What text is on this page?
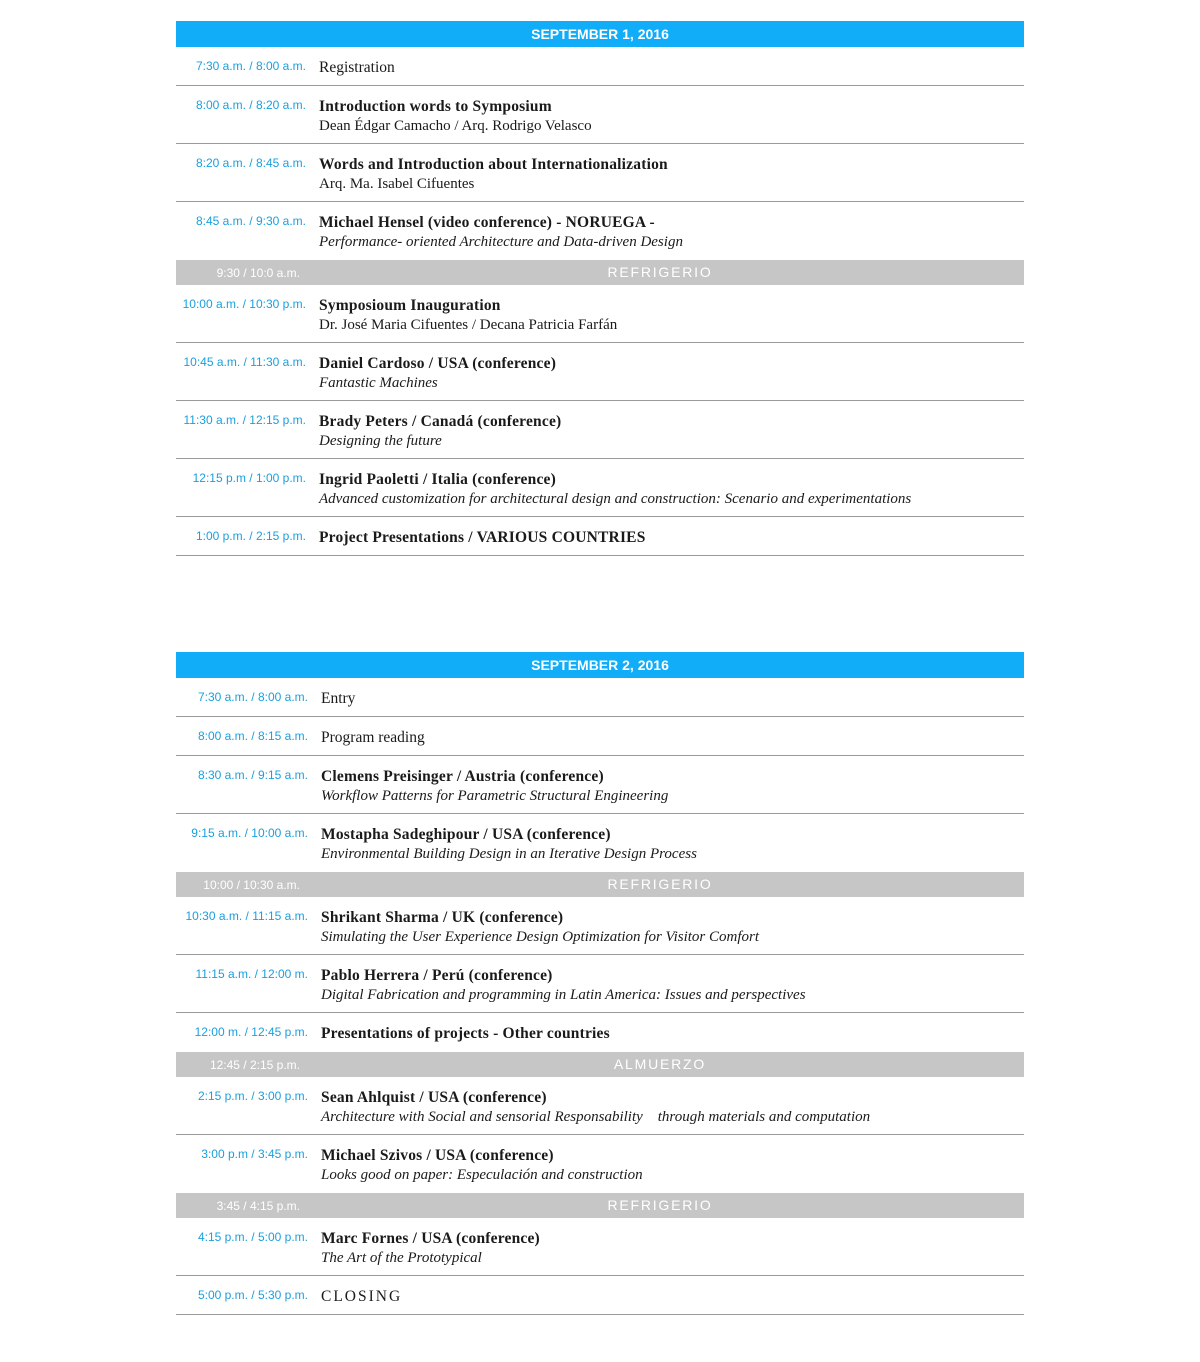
SEPTEMBER 1, 2016
7:30 a.m. / 8:00 a.m. Registration
8:00 a.m. / 8:20 a.m. Introduction words to Symposium
Dean Édgar Camacho / Arq. Rodrigo Velasco
8:20 a.m. / 8:45 a.m. Words and Introduction about Internationalization
Arq. Ma. Isabel Cifuentes
8:45 a.m. / 9:30 a.m. Michael Hensel (video conference) - NORUEGA -
Performance- oriented Architecture and Data-driven Design
9:30 / 10:0 a.m.	REFRIGERIO
10:00 a.m. / 10:30 p.m. Symposioum Inauguration
Dr. José Maria Cifuentes / Decana Patricia Farfán
10:45 a.m. / 11:30 a.m. Daniel Cardoso / USA (conference)
Fantastic Machines
11:30 a.m. / 12:15 p.m. Brady Peters / Canadá (conference)
Designing the future
12:15 p.m / 1:00 p.m. Ingrid Paoletti / Italia (conference)
Advanced customization for architectural design and construction: Scenario and experimentations
1:00 p.m. / 2:15 p.m. Project Presentations / VARIOUS COUNTRIES
SEPTEMBER 2, 2016
7:30 a.m. / 8:00 a.m. Entry
8:00 a.m. / 8:15 a.m. Program reading
8:30 a.m. / 9:15 a.m. Clemens Preisinger / Austria (conference)
Workflow Patterns for Parametric Structural Engineering
9:15 a.m. / 10:00 a.m. Mostapha Sadeghipour / USA (conference)
Environmental Building Design in an Iterative Design Process
10:00 / 10:30 a.m.	REFRIGERIO
10:30 a.m. / 11:15 a.m. Shrikant Sharma / UK (conference)
Simulating the User Experience Design Optimization for Visitor Comfort
11:15 a.m. / 12:00 m. Pablo Herrera / Perú (conference)
Digital Fabrication and programming in Latin America: Issues and perspectives
12:00 m. / 12:45 p.m. Presentations of projects - Other countries
12:45 / 2:15 p.m.	ALMUERZO
2:15 p.m. / 3:00 p.m. Sean Ahlquist / USA (conference)
Architecture with Social and sensorial Responsability    through materials and computation
3:00 p.m / 3:45 p.m. Michael Szivos / USA (conference)
Looks good on paper: Especulación and construction
3:45 / 4:15 p.m.	REFRIGERIO
4:15 p.m. / 5:00 p.m. Marc Fornes / USA (conference)
The Art of the Prototypical
5:00 p.m. / 5:30 p.m. CLOSING
